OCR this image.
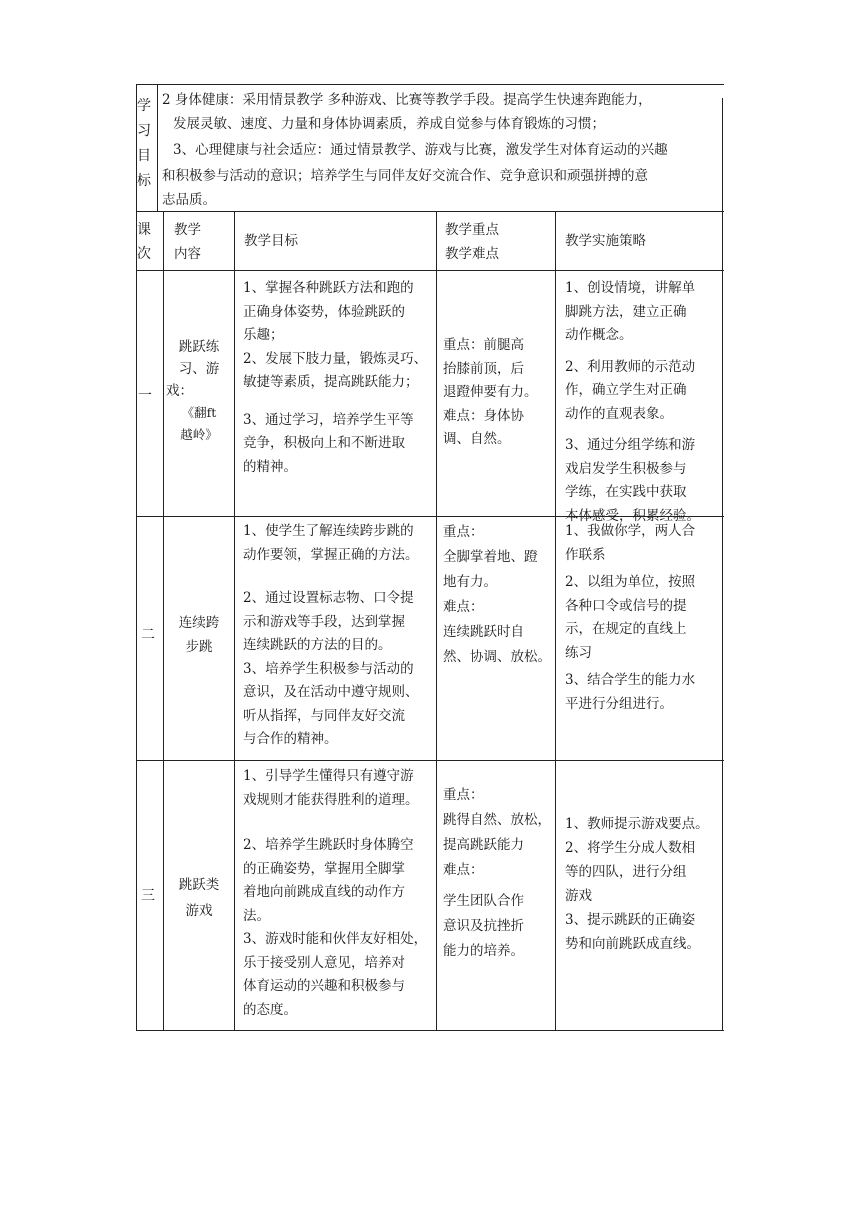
学
习
目
标

2 身体健康：采用情景教学 多种游戏、比赛等教学手段。提高学生快速奔跑能力，

发展灵敏、速度、力量和身体协调素质，养成自觉参与体育锻炼的习惯；

3、心理健康与社会适应：通过情景教学、游戏与比赛，激发学生对体育运动的兴趣

和积极参与活动的意识；培养学生与同伴友好交流合作、竞争意识和顽强拼搏的意

志品质。

课
次
教学
内容
教学目标
教学重点
教学难点
教学实施策略
一
跳跃练
习、游
戏：
《翻ft
越岭》
1、掌握各种跳跃方法和跑的
正确身体姿势，体验跳跃的
乐趣；
2、发展下肢力量，锻炼灵巧、
敏捷等素质，提高跳跃能力；
3、通过学习，培养学生平等
竞争，积极向上和不断进取
的精神。
重点：前腿高
抬膝前顶，后
退蹬伸要有力。
难点：身体协
调、自然。
1、创设情境，讲解单
脚跳方法，建立正确
动作概念。
2、利用教师的示范动
作，确立学生对正确
动作的直观表象。
3、通过分组学练和游
戏启发学生积极参与
学练，在实践中获取
本体感受，积累经验。
二
连续跨
步跳
1、使学生了解连续跨步跳的
动作要领，掌握正确的方法。
2、通过设置标志物、口令提
示和游戏等手段，达到掌握
连续跳跃的方法的目的。
3、培养学生积极参与活动的
意识，及在活动中遵守规则、
听从指挥，与同伴友好交流
与合作的精神。
重点：
全脚掌着地、蹬
地有力。
难点：
连续跳跃时自
然、协调、放松。
1、我做你学，两人合
作联系
2、以组为单位，按照
各种口令或信号的提
示，在规定的直线上
练习
3、结合学生的能力水
平进行分组进行。
三
跳跃类
游戏
1、引导学生懂得只有遵守游
戏规则才能获得胜利的道理。
2、培养学生跳跃时身体腾空
的正确姿势，掌握用全脚掌
着地向前跳成直线的动作方
法。
3、游戏时能和伙伴友好相处，
乐于接受别人意见，培养对
体育运动的兴趣和积极参与
的态度。
重点：
跳得自然、放松，
提高跳跃能力
难点：
学生团队合作
意识及抗挫折
能力的培养。
1、教师提示游戏要点。
2、将学生分成人数相
等的四队，进行分组
游戏
3、提示跳跃的正确姿
势和向前跳跃成直线。
